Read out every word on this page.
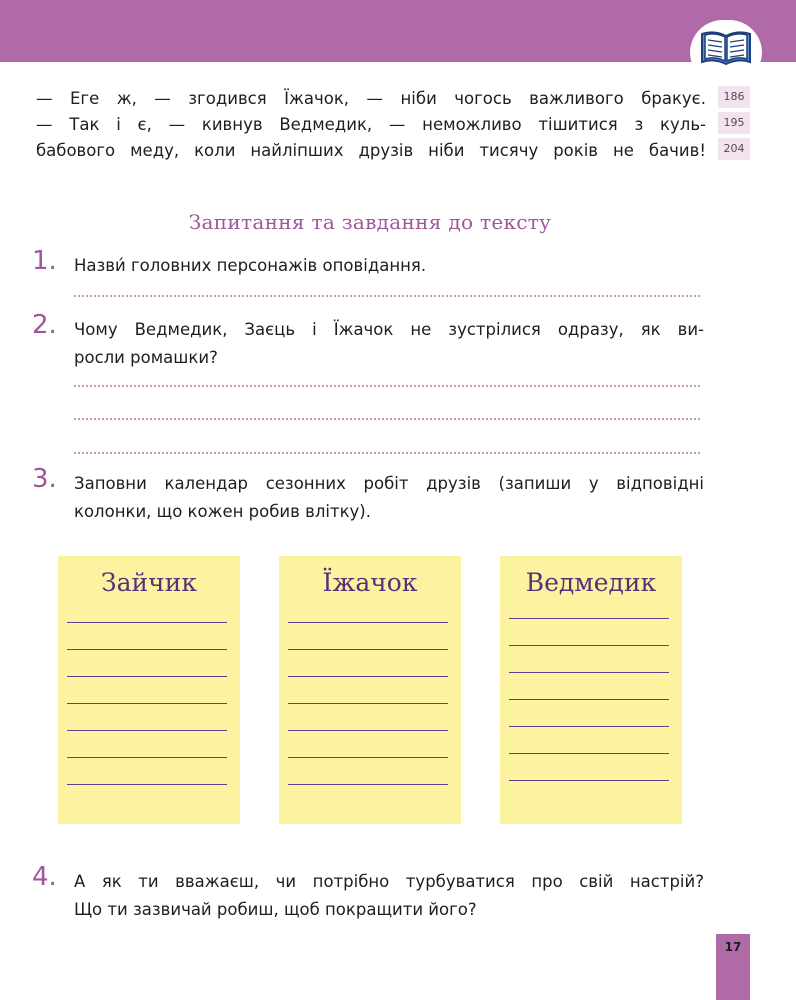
— Еге ж, — згодився Їжачок, — ніби чогось важливого бракує.
— Так і є, — кивнув Ведмедик, — неможливо тішитися з куль-
бабового меду, коли найліпших друзів ніби тисячу років не бачив!
186
195
204
Запитання та завдання до тексту
1. Назви́ головних персонажів оповідання.
2. Чому Ведмедик, Заєць і Їжачок не зустрілися одразу, як ви-
росли ромашки?
3. Заповни календар сезонних робіт друзів (запиши у відповідні
колонки, що кожен робив влітку).
Зайчик	Їжачок	Ведмедик
4. А як ти вважаєш, чи потрібно турбуватися про свій настрій?
Що ти зазвичай робиш, щоб покращити його?
17
